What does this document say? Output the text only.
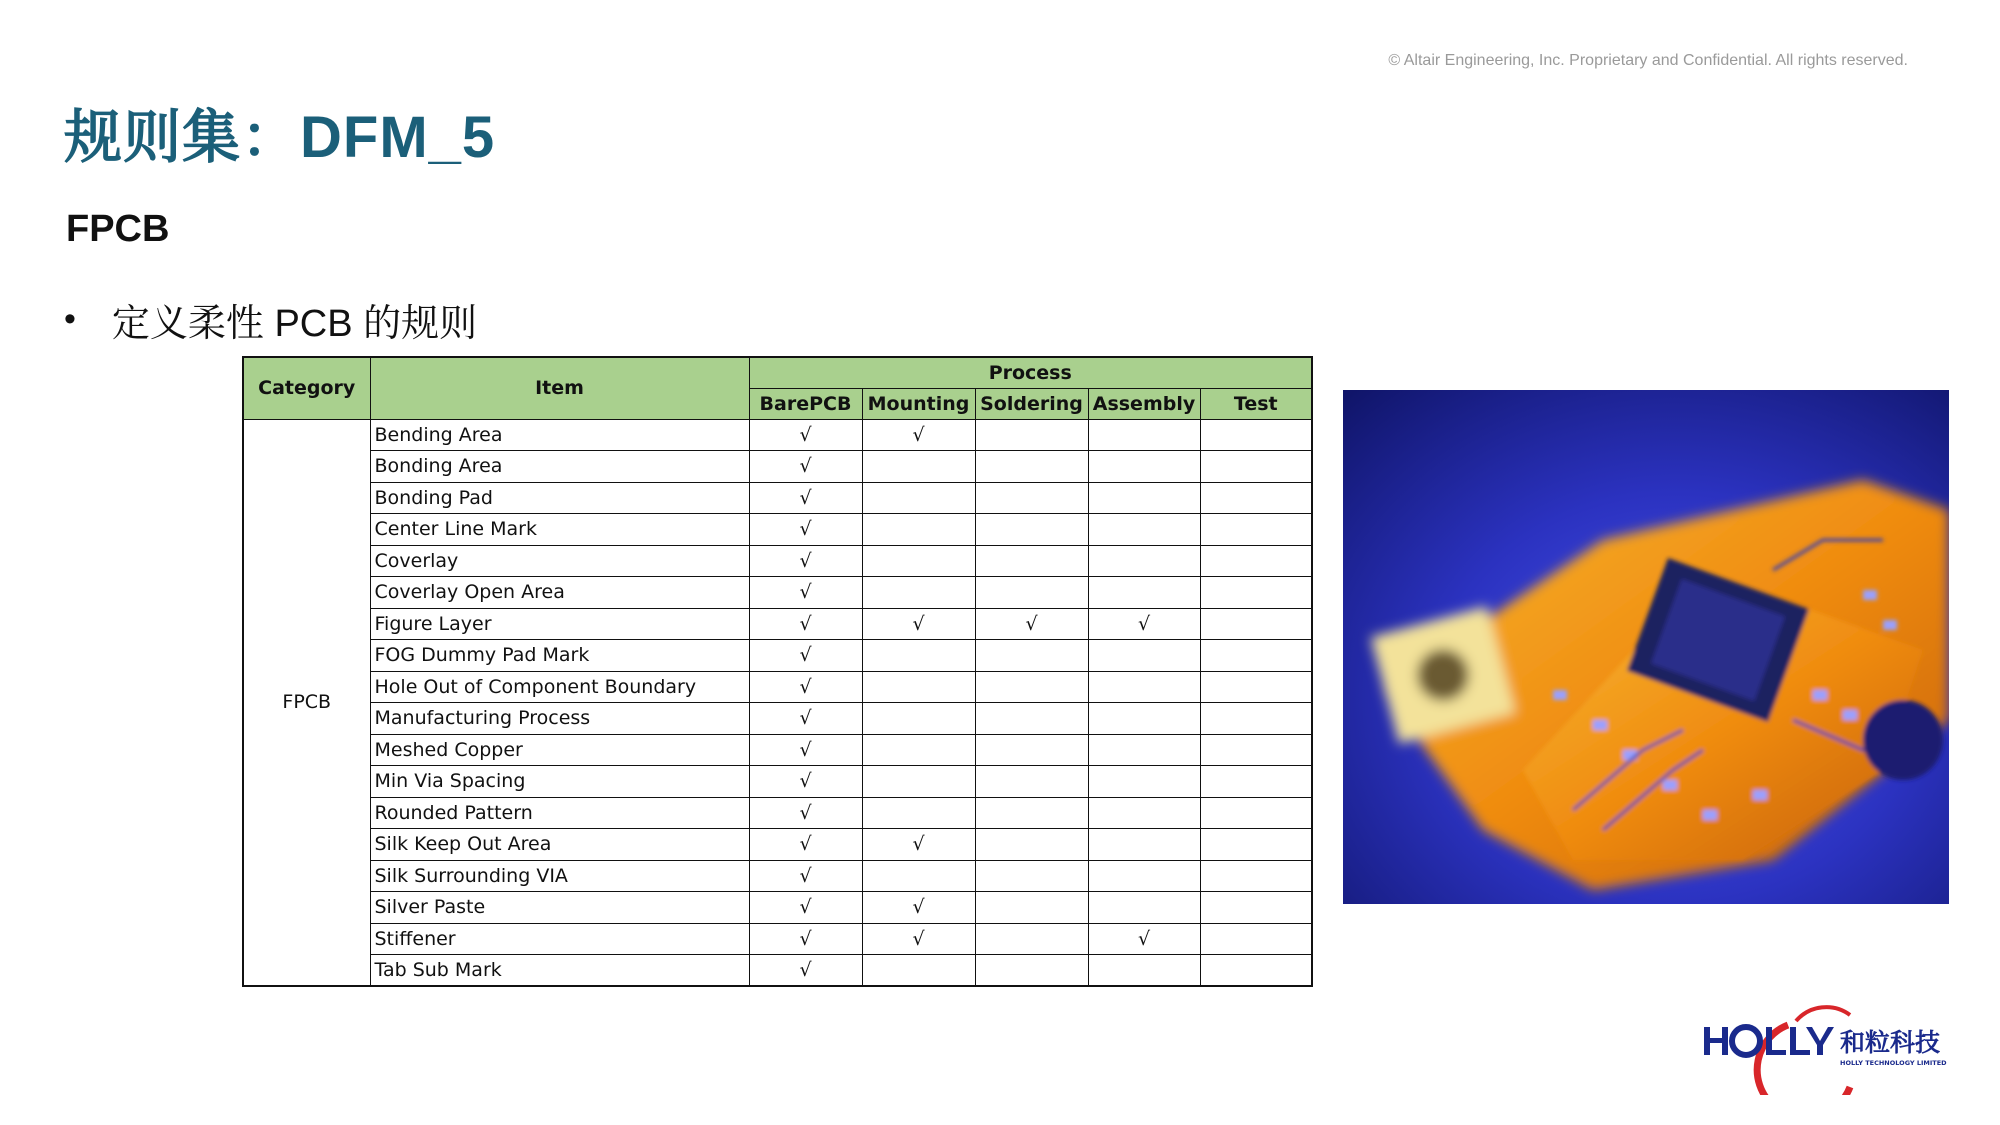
© Altair Engineering, Inc. Proprietary and Confidential. All rights reserved.
规则集：DFM_5
FPCB
• 定义柔性 PCB 的规则
Category	Item	Process				
		BarePCB	Mounting	Soldering	Assembly	Test
FPCB	Bending Area	√	√			
	Bonding Area	√				
	Bonding Pad	√				
	Center Line Mark	√				
	Coverlay	√				
	Coverlay Open Area	√				
	Figure Layer	√	√	√	√	
	FOG Dummy Pad Mark	√				
	Hole Out of Component Boundary	√				
	Manufacturing Process	√				
	Meshed Copper	√				
	Min Via Spacing	√				
	Rounded Pattern	√				
	Silk Keep Out Area	√	√			
	Silk Surrounding VIA	√				
	Silver Paste	√	√			
	Stiffener	√	√		√	
	Tab Sub Mark	√				
和粒科技
HOLLY TECHNOLOGY LIMITED
